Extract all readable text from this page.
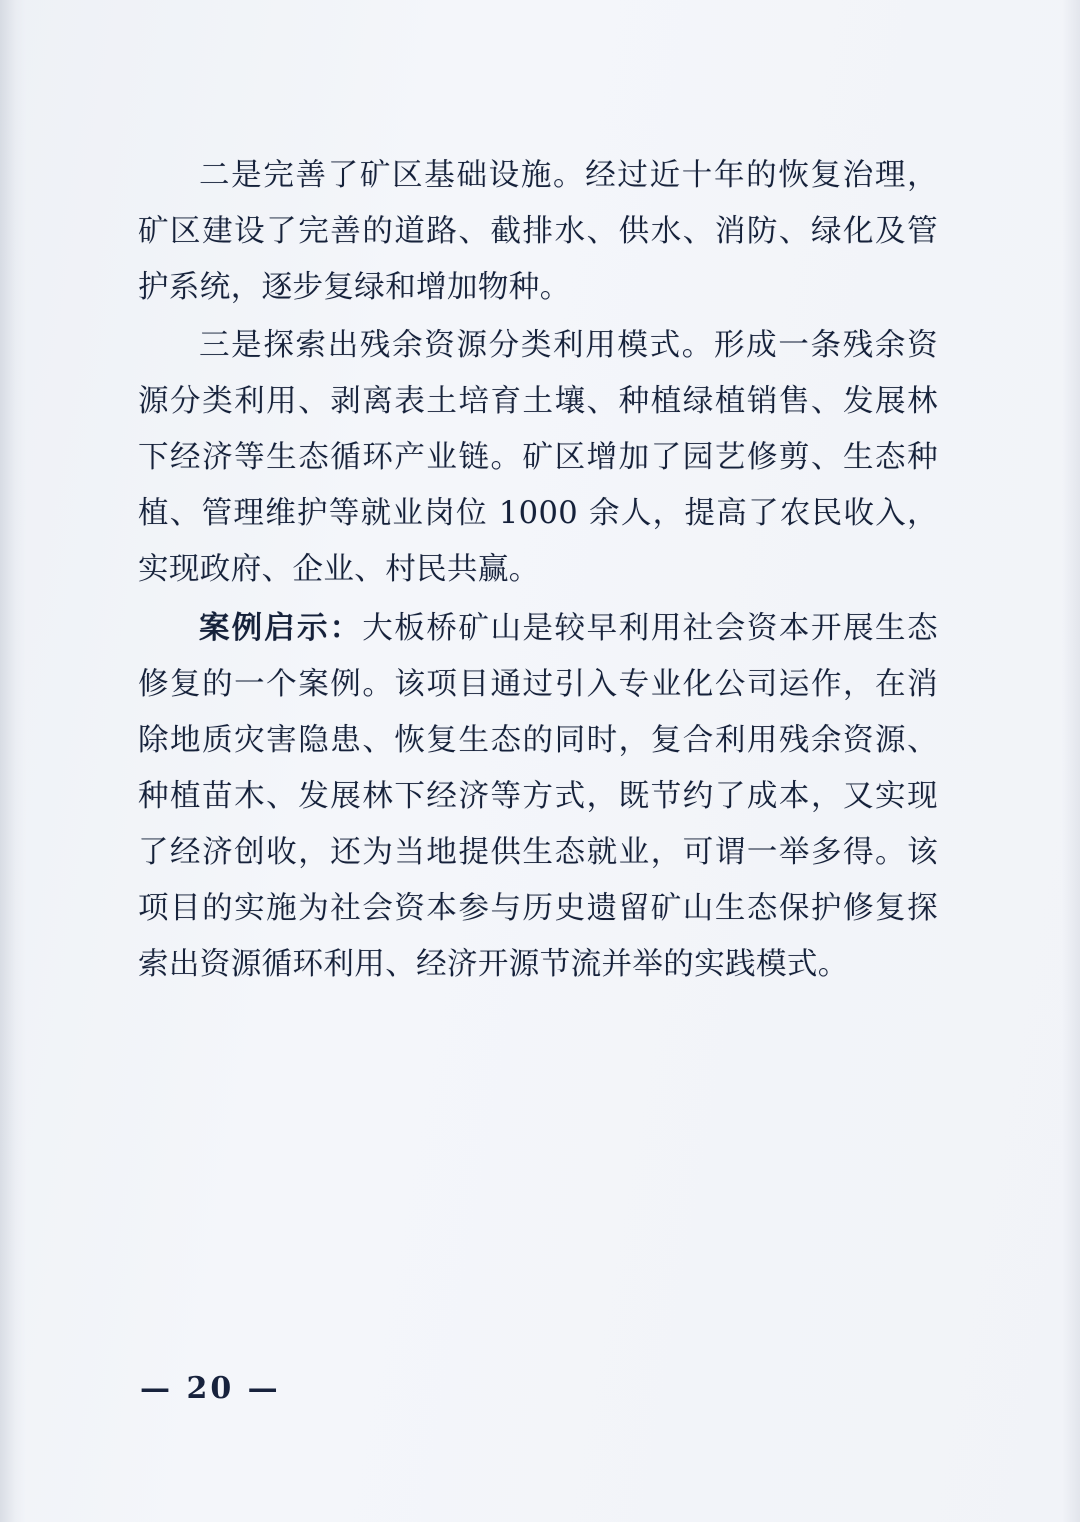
二是完善了矿区基础设施。经过近十年的恢复治理，矿区建设了完善的道路、截排水、供水、消防、绿化及管护系统，逐步复绿和增加物种。

三是探索出残余资源分类利用模式。形成一条残余资源分类利用、剥离表土培育土壤、种植绿植销售、发展林下经济等生态循环产业链。矿区增加了园艺修剪、生态种植、管理维护等就业岗位 1000 余人，提高了农民收入，实现政府、企业、村民共赢。

案例启示：大板桥矿山是较早利用社会资本开展生态修复的一个案例。该项目通过引入专业化公司运作，在消除地质灾害隐患、恢复生态的同时，复合利用残余资源、种植苗木、发展林下经济等方式，既节约了成本，又实现了经济创收，还为当地提供生态就业，可谓一举多得。该项目的实施为社会资本参与历史遗留矿山生态保护修复探索出资源循环利用、经济开源节流并举的实践模式。

— 20 —
